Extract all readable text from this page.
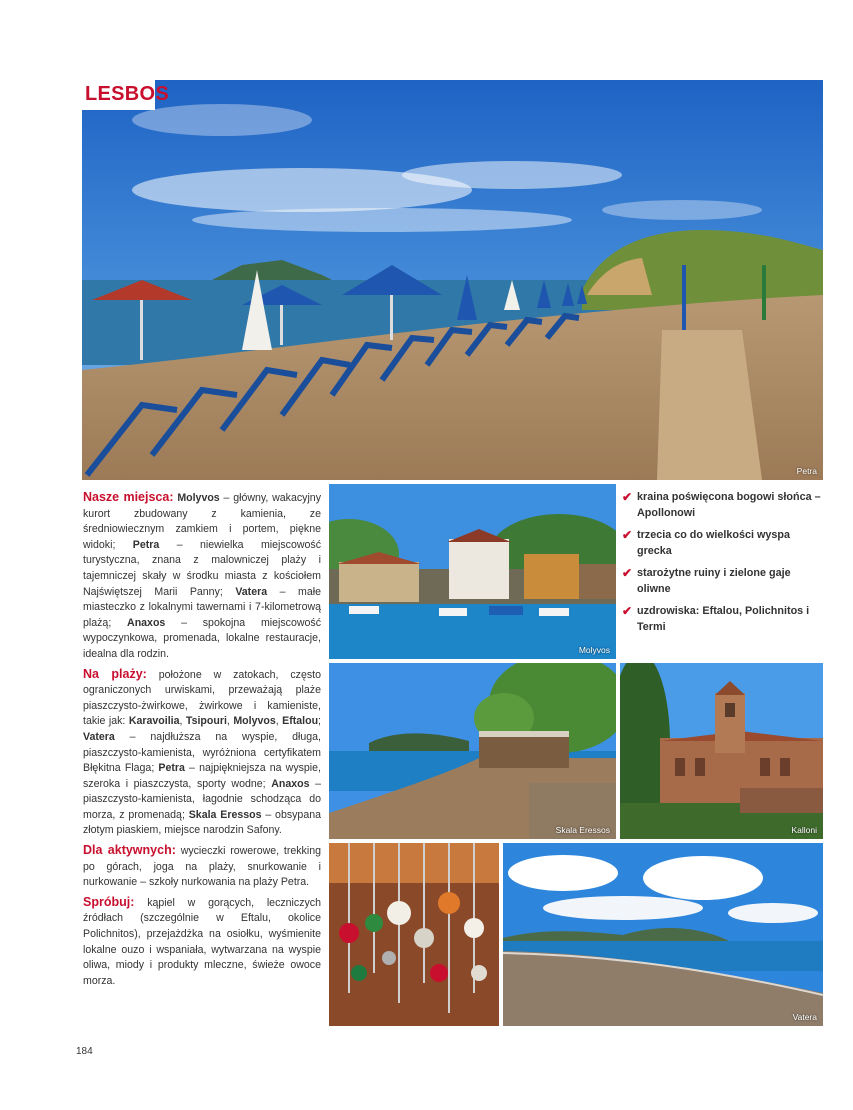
LESBOS
Petra
Molyvos
Skala Eressos	Kalloni
Vatera

Nasze miejsca: Molyvos – główny, wakacyjny kurort zbudowany z kamienia, ze średniowiecznym zamkiem i portem, piękne widoki; Petra – niewielka miejscowość turystyczna, znana z malowniczej plaży i tajemniczej skały w środku miasta z kościołem Najświętszej Marii Panny; Vatera – małe miasteczko z lokalnymi tawernami i 7-kilometrową plażą; Anaxos – spokojna miejscowość wypoczynkowa, promenada, lokalne restauracje, idealna dla rodzin.

Na plaży: położone w zatokach, często ograniczonych urwiskami, przeważają plaże piaszczysto-żwirkowe, żwirkowe i kamieniste, takie jak: Karavoilia, Tsipouri, Molyvos, Eftalou; Vatera – najdłuższa na wyspie, długa, piaszczysto-kamienista, wyróżniona certyfikatem Błękitna Flaga; Petra – najpiękniejsza na wyspie, szeroka i piaszczysta, sporty wodne; Anaxos – piaszczysto-kamienista, łagodnie schodząca do morza, z promenadą; Skala Eressos – obsypana złotym piaskiem, miejsce narodzin Safony.

Dla aktywnych: wycieczki rowerowe, trekking po górach, joga na plaży, snurkowanie i nurkowanie – szkoły nurkowania na plaży Petra.

Spróbuj: kąpiel w gorących, leczniczych źródłach (szczególnie w Eftalu, okolice Polichnitos), przejażdżka na osiołku, wyśmienite lokalne ouzo i wspaniała, wytwarzana na wyspie oliwa, miody i produkty mleczne, świeże owoce morza.

✔ kraina poświęcona bogowi słońca – Apollonowi
✔ trzecia co do wielkości wyspa grecka
✔ starożytne ruiny i zielone gaje oliwne
✔ uzdrowiska: Eftalou, Polichnitos i Termi
184
